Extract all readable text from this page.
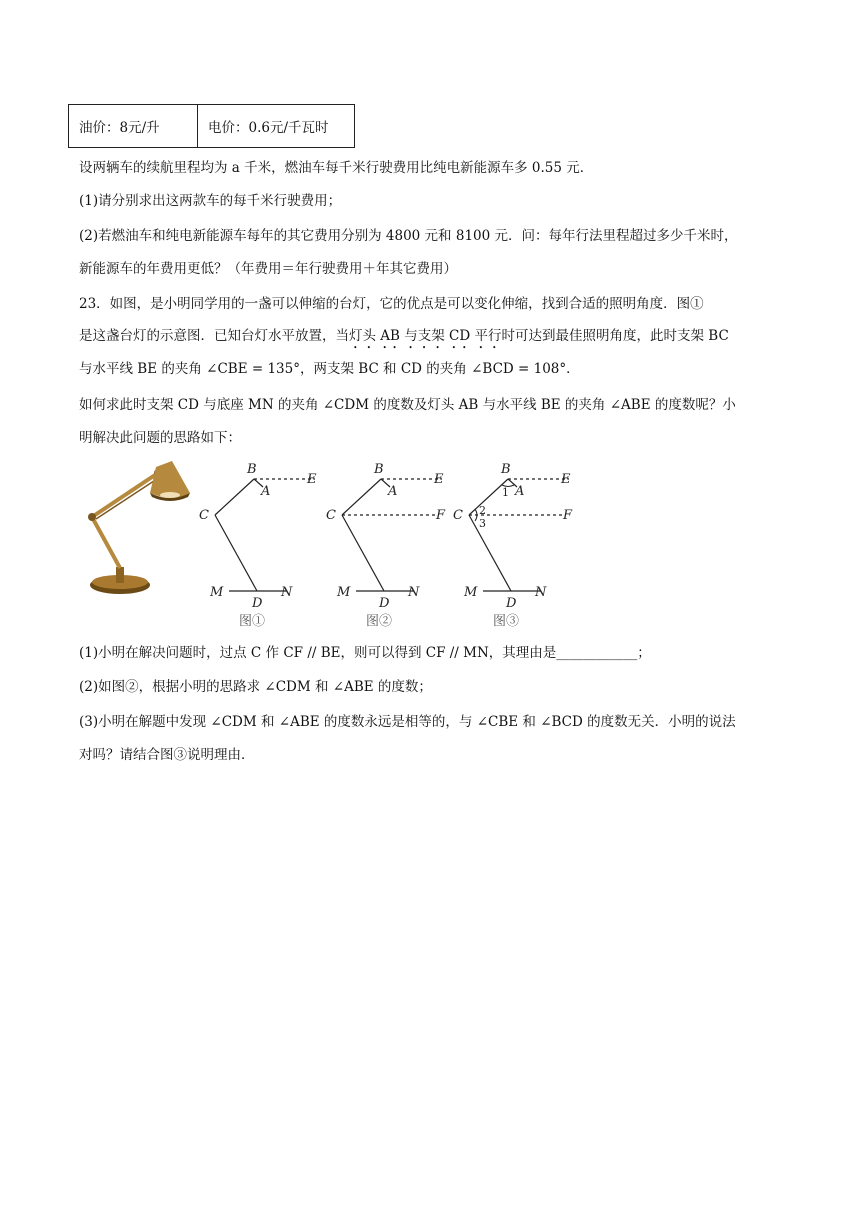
油价：8元/升	电价：0.6元/千瓦时
设两辆车的续航里程均为 a 千米，燃油车每千米行驶费用比纯电新能源车多 0.55 元．
(1)请分别求出这两款车的每千米行驶费用；
(2)若燃油车和纯电新能源车每年的其它费用分别为 4800 元和 8100 元．问：每年行法里程超过多少千米时，
新能源车的年费用更低？（年费用＝年行驶费用＋年其它费用）
23．如图，是小明同学用的一盏可以伸缩的台灯，它的优点是可以变化伸缩，找到合适的照明角度．图①
是这盏台灯的示意图．已知台灯水平放置，当灯头 AB 与支架 CD 平行时可达到最佳照明角度，此时支架 BC
与水平线 BE 的夹角 ∠CBE = 135°，两支架 BC 和 CD 的夹角 ∠BCD = 108°．
如何求此时支架 CD 与底座 MN 的夹角 ∠CDM 的度数及灯头 AB 与水平线 BE 的夹角 ∠ABE 的度数呢？小
明解决此问题的思路如下：
B
A
E
C
M
D
N
图①
B
A
E
C	F
M
D
N
图②
B
A
E
C	F
M
D
N
1
2
3
图③
(1)小明在解决问题时，过点 C 作 CF // BE，则可以得到 CF // MN，其理由是____________；
(2)如图②，根据小明的思路求 ∠CDM 和 ∠ABE 的度数；
(3)小明在解题中发现 ∠CDM 和 ∠ABE 的度数永远是相等的，与 ∠CBE 和 ∠BCD 的度数无关．小明的说法
对吗？请结合图③说明理由．
